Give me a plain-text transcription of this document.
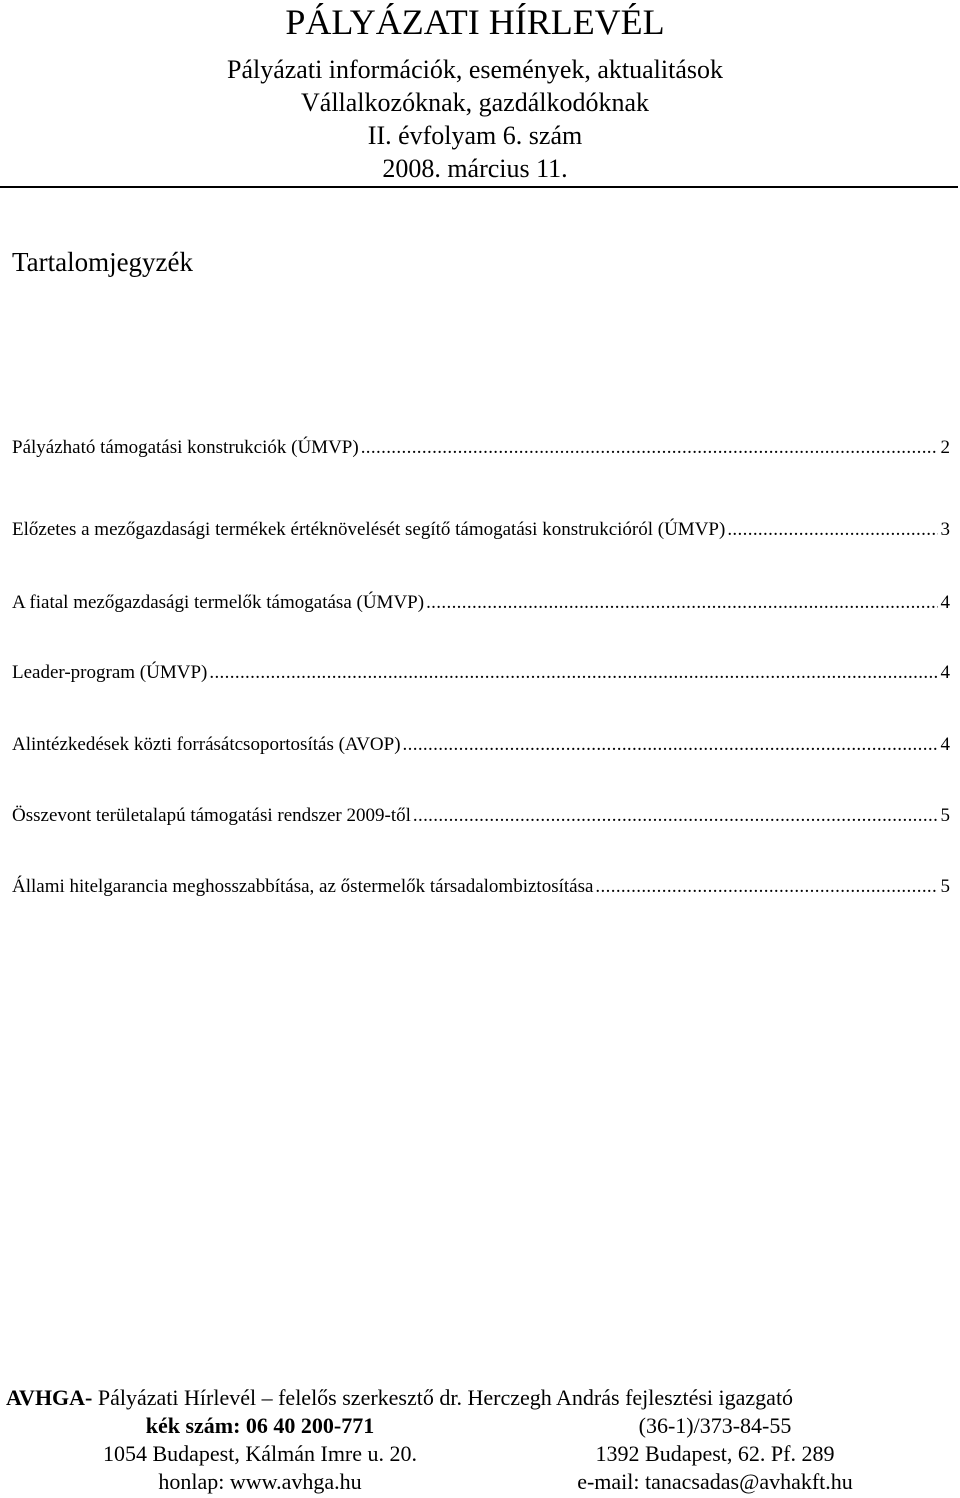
PÁLYÁZATI HÍRLEVÉL
Pályázati információk, események, aktualitások
Vállalkozóknak, gazdálkodóknak
II. évfolyam 6. szám
2008. március 11.
Tartalomjegyzék
Pályázható támogatási konstrukciók (ÚMVP) . . .	2
Előzetes a mezőgazdasági termékek értéknövelését segítő támogatási konstrukcióról (ÚMVP) . . .	3
A fiatal mezőgazdasági termelők támogatása (ÚMVP) . . .	4
Leader-program (ÚMVP) . . .	4
Alintézkedések közti forrásátcsoportosítás (AVOP) . . .	4
Összevont területalapú támogatási rendszer 2009-től . . .	5
Állami hitelgarancia meghosszabbítása, az őstermelők társadalombiztosítása . . .	5
AVHGA- Pályázati Hírlevél – felelős szerkesztő dr. Herczegh András fejlesztési igazgató
kék szám: 06 40 200-771	(36-1)/373-84-55
1054 Budapest, Kálmán Imre u. 20.	1392 Budapest, 62. Pf. 289
honlap: www.avhga.hu	e-mail: tanacsadas@avhakft.hu
